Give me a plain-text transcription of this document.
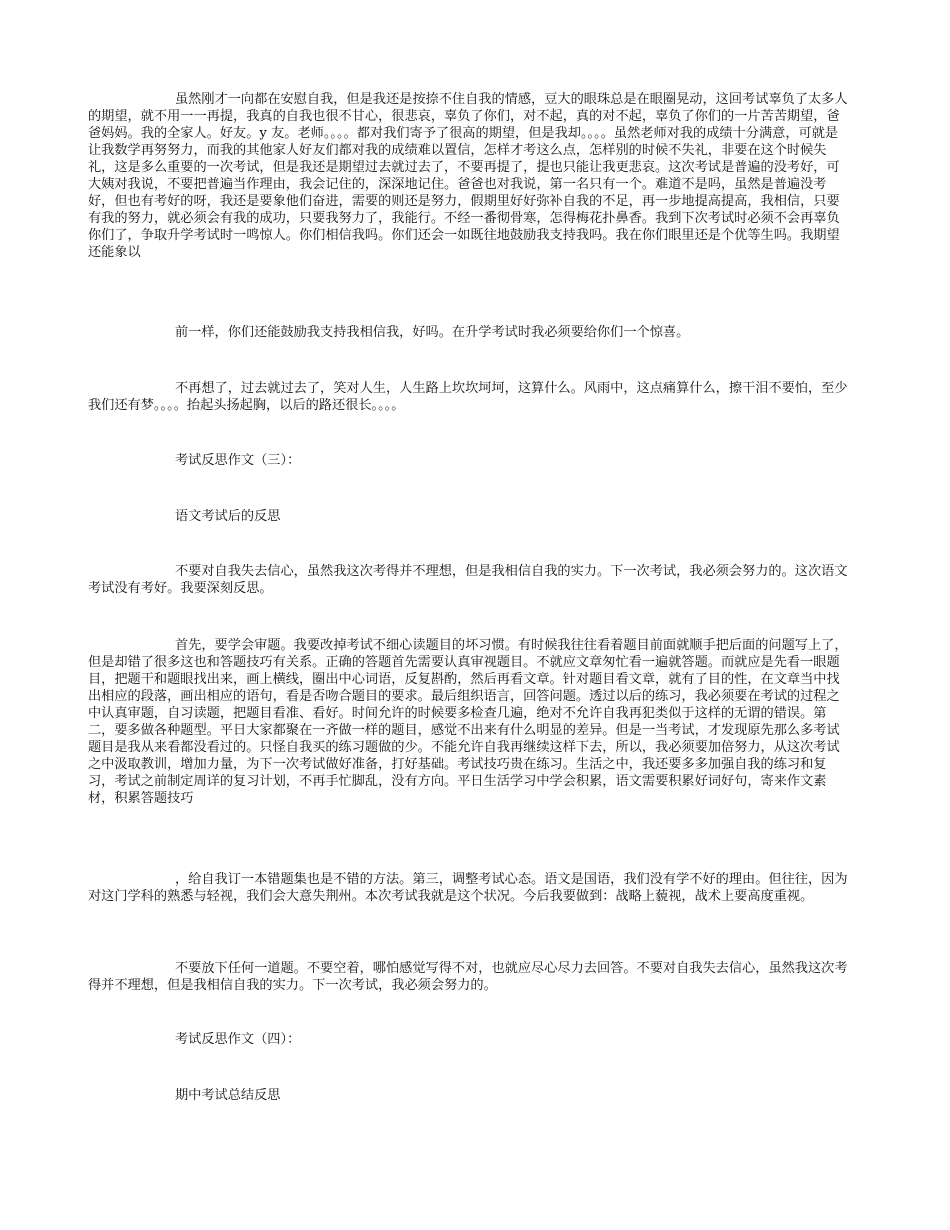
虽然刚才一向都在安慰自我，但是我还是按捺不住自我的情感，豆大的眼珠总是在眼圈晃动，这回考试辜负了太多人的期望，就不用一一再提，我真的自我也很不甘心，很悲哀，辜负了你们，对不起，真的对不起，辜负了你们的一片苦苦期望，爸爸妈妈。我的全家人。好友。y 友。老师。。。。都对我们寄予了很高的期望，但是我却。。。。虽然老师对我的成绩十分满意，可就是让我数学再努努力，而我的其他家人好友们都对我的成绩难以置信，怎样才考这么点，怎样别的时候不失礼，非要在这个时候失礼，这是多么重要的一次考试，但是我还是期望过去就过去了，不要再提了，提也只能让我更悲哀。这次考试是普遍的没考好，可大姨对我说，不要把普遍当作理由，我会记住的，深深地记住。爸爸也对我说，第一名只有一个。难道不是吗，虽然是普遍没考好，但也有考好的呀，我还是要象他们奋进，需要的则还是努力，假期里好好弥补自我的不足，再一步地提高提高，我相信，只要有我的努力，就必须会有我的成功，只要我努力了，我能行。不经一番彻骨寒，怎得梅花扑鼻香。我到下次考试时必须不会再辜负你们了，争取升学考试时一鸣惊人。你们相信我吗。你们还会一如既往地鼓励我支持我吗。我在你们眼里还是个优等生吗。我期望还能象以

前一样，你们还能鼓励我支持我相信我，好吗。在升学考试时我必须要给你们一个惊喜。

不再想了，过去就过去了，笑对人生，人生路上坎坎坷坷，这算什么。风雨中，这点痛算什么，擦干泪不要怕，至少我们还有梦。。。。抬起头扬起胸，以后的路还很长。。。。

考试反思作文（三）：

语文考试后的反思

不要对自我失去信心，虽然我这次考得并不理想，但是我相信自我的实力。下一次考试，我必须会努力的。这次语文考试没有考好。我要深刻反思。

首先，要学会审题。我要改掉考试不细心读题目的坏习惯。有时候我往往看着题目前面就顺手把后面的问题写上了，但是却错了很多这也和答题技巧有关系。正确的答题首先需要认真审视题目。不就应文章匆忙看一遍就答题。而就应是先看一眼题目，把题干和题眼找出来，画上横线，圈出中心词语，反复斟酌，然后再看文章。针对题目看文章，就有了目的性，在文章当中找出相应的段落，画出相应的语句，看是否吻合题目的要求。最后组织语言，回答问题。透过以后的练习，我必须要在考试的过程之中认真审题，自习读题，把题目看准、看好。时间允许的时候要多检查几遍，绝对不允许自我再犯类似于这样的无谓的错误。第二，要多做各种题型。平日大家都聚在一齐做一样的题目，感觉不出来有什么明显的差异。但是一当考试，才发现原先那么多考试题目是我从来看都没看过的。只怪自我买的练习题做的少。不能允许自我再继续这样下去，所以，我必须要加倍努力，从这次考试之中汲取教训，增加力量，为下一次考试做好准备，打好基础。考试技巧贵在练习。生活之中，我还要多多加强自我的练习和复习，考试之前制定周详的复习计划，不再手忙脚乱，没有方向。平日生活学习中学会积累，语文需要积累好词好句，寄来作文素材，积累答题技巧

，给自我订一本错题集也是不错的方法。第三，调整考试心态。语文是国语，我们没有学不好的理由。但往往，因为对这门学科的熟悉与轻视，我们会大意失荆州。本次考试我就是这个状况。今后我要做到：战略上藐视，战术上要高度重视。

不要放下任何一道题。不要空着，哪怕感觉写得不对，也就应尽心尽力去回答。不要对自我失去信心，虽然我这次考得并不理想，但是我相信自我的实力。下一次考试，我必须会努力的。

考试反思作文（四）：

期中考试总结反思
